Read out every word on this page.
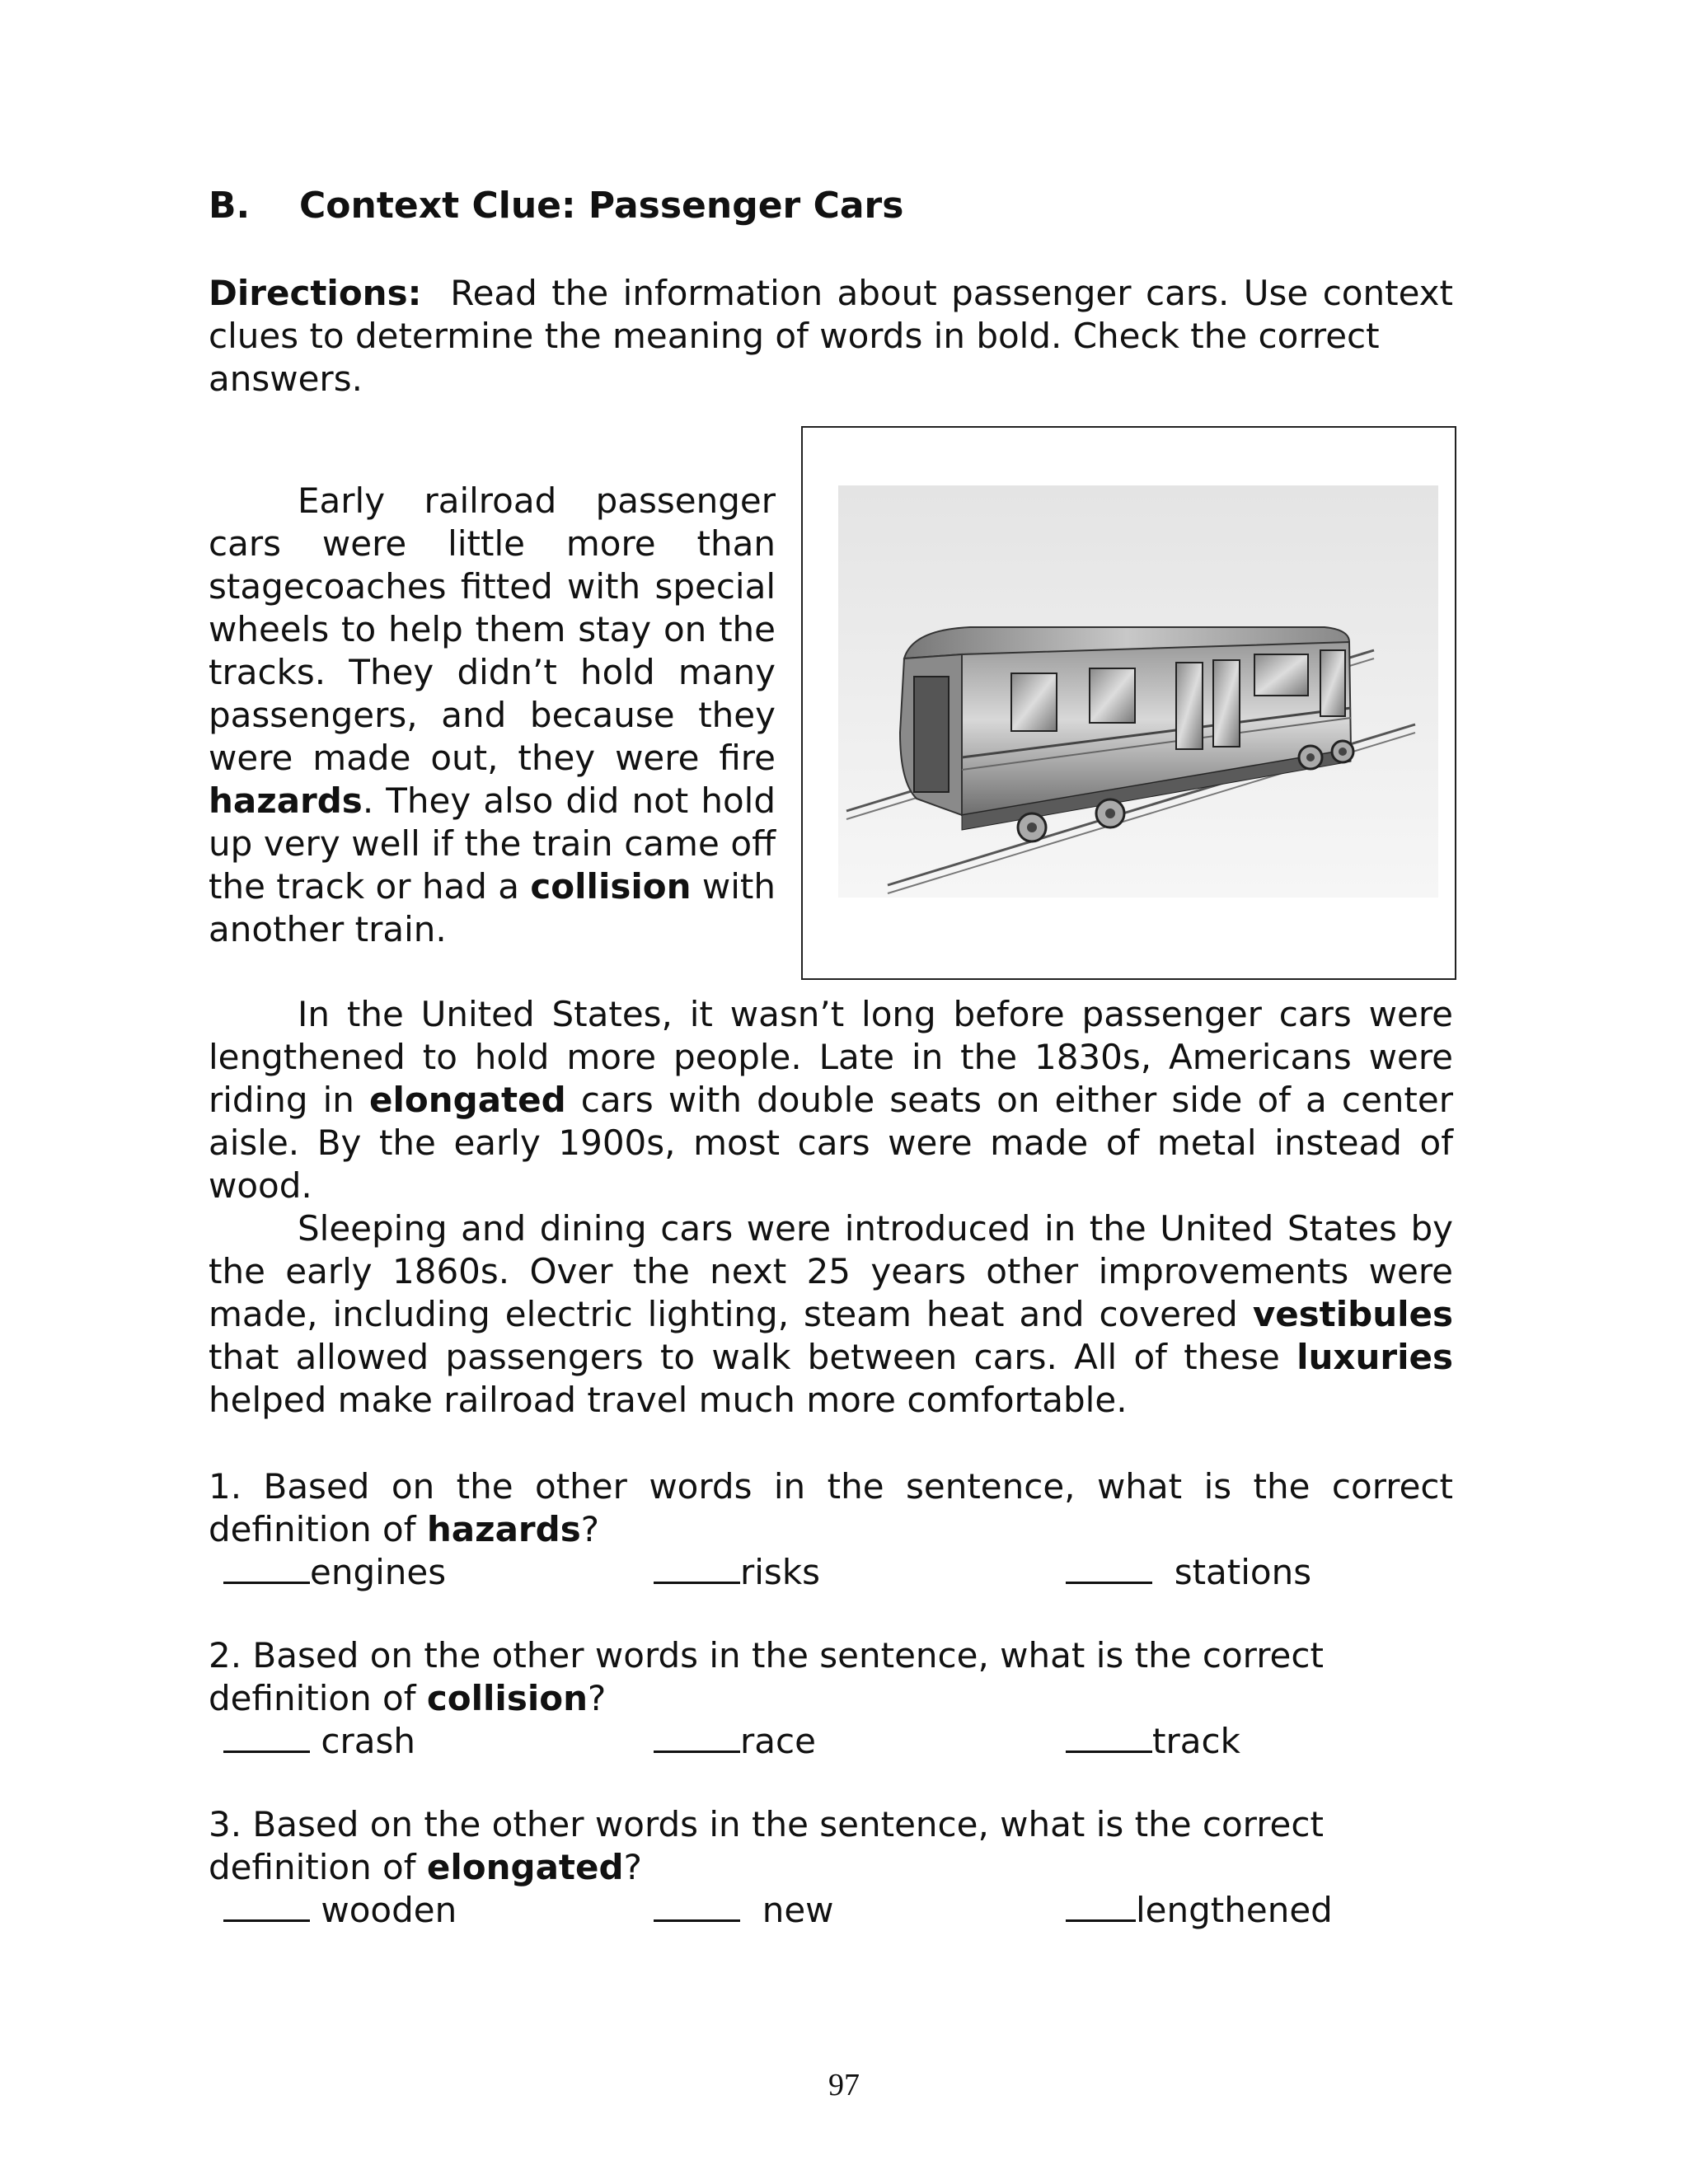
B. Context Clue: Passenger Cars
Directions: Read the information about passenger cars. Use context
clues to determine the meaning of words in bold. Check the correct
answers.
Early railroad passenger
cars were little more than
stagecoaches fitted with special
wheels to help them stay on the
tracks. They didn’t hold many
passengers, and because they
were made out, they were fire
hazards. They also did not hold
up very well if the train came off
the track or had a collision with
another train.
In the United States, it wasn’t long before passenger cars were
lengthened to hold more people. Late in the 1830s, Americans were
riding in elongated cars with double seats on either side of a center
aisle. By the early 1900s, most cars were made of metal instead of
wood.
Sleeping and dining cars were introduced in the United States by
the early 1860s. Over the next 25 years other improvements were
made, including electric lighting, steam heat and covered vestibules
that allowed passengers to walk between cars. All of these luxuries
helped make railroad travel much more comfortable.
1. Based on the other words in the sentence, what is the correct
definition of hazards?
engines	risks	stations
2. Based on the other words in the sentence, what is the correct
definition of collision?
crash	race	track
3. Based on the other words in the sentence, what is the correct
definition of elongated?
wooden	new	lengthened
97
